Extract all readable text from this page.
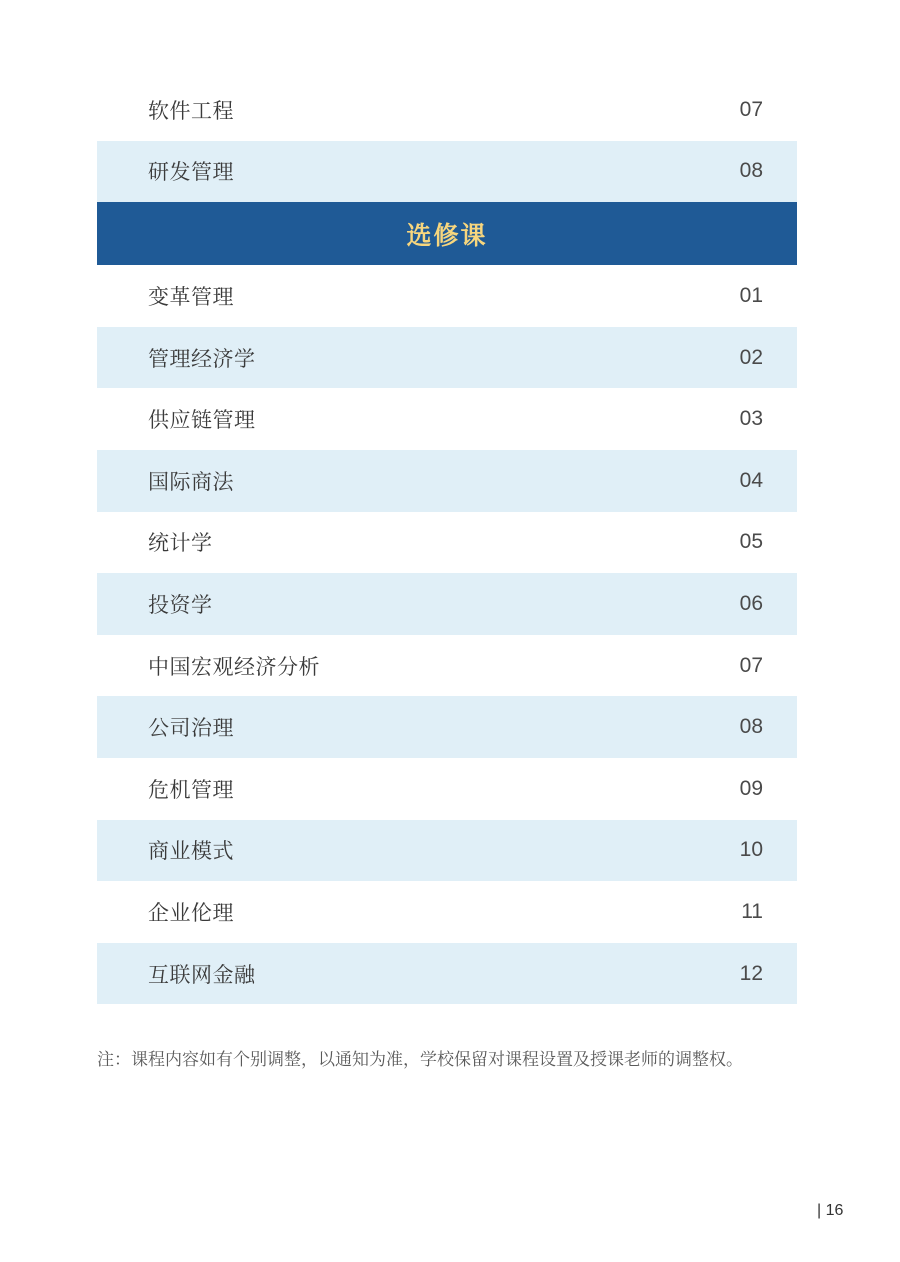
软件工程	07
研发管理	08
选修课
变革管理	01
管理经济学	02
供应链管理	03
国际商法	04
统计学	05
投资学	06
中国宏观经济分析	07
公司治理	08
危机管理	09
商业模式	10
企业伦理	11
互联网金融	12
注：课程内容如有个别调整，以通知为准，学校保留对课程设置及授课老师的调整权。
| 16
